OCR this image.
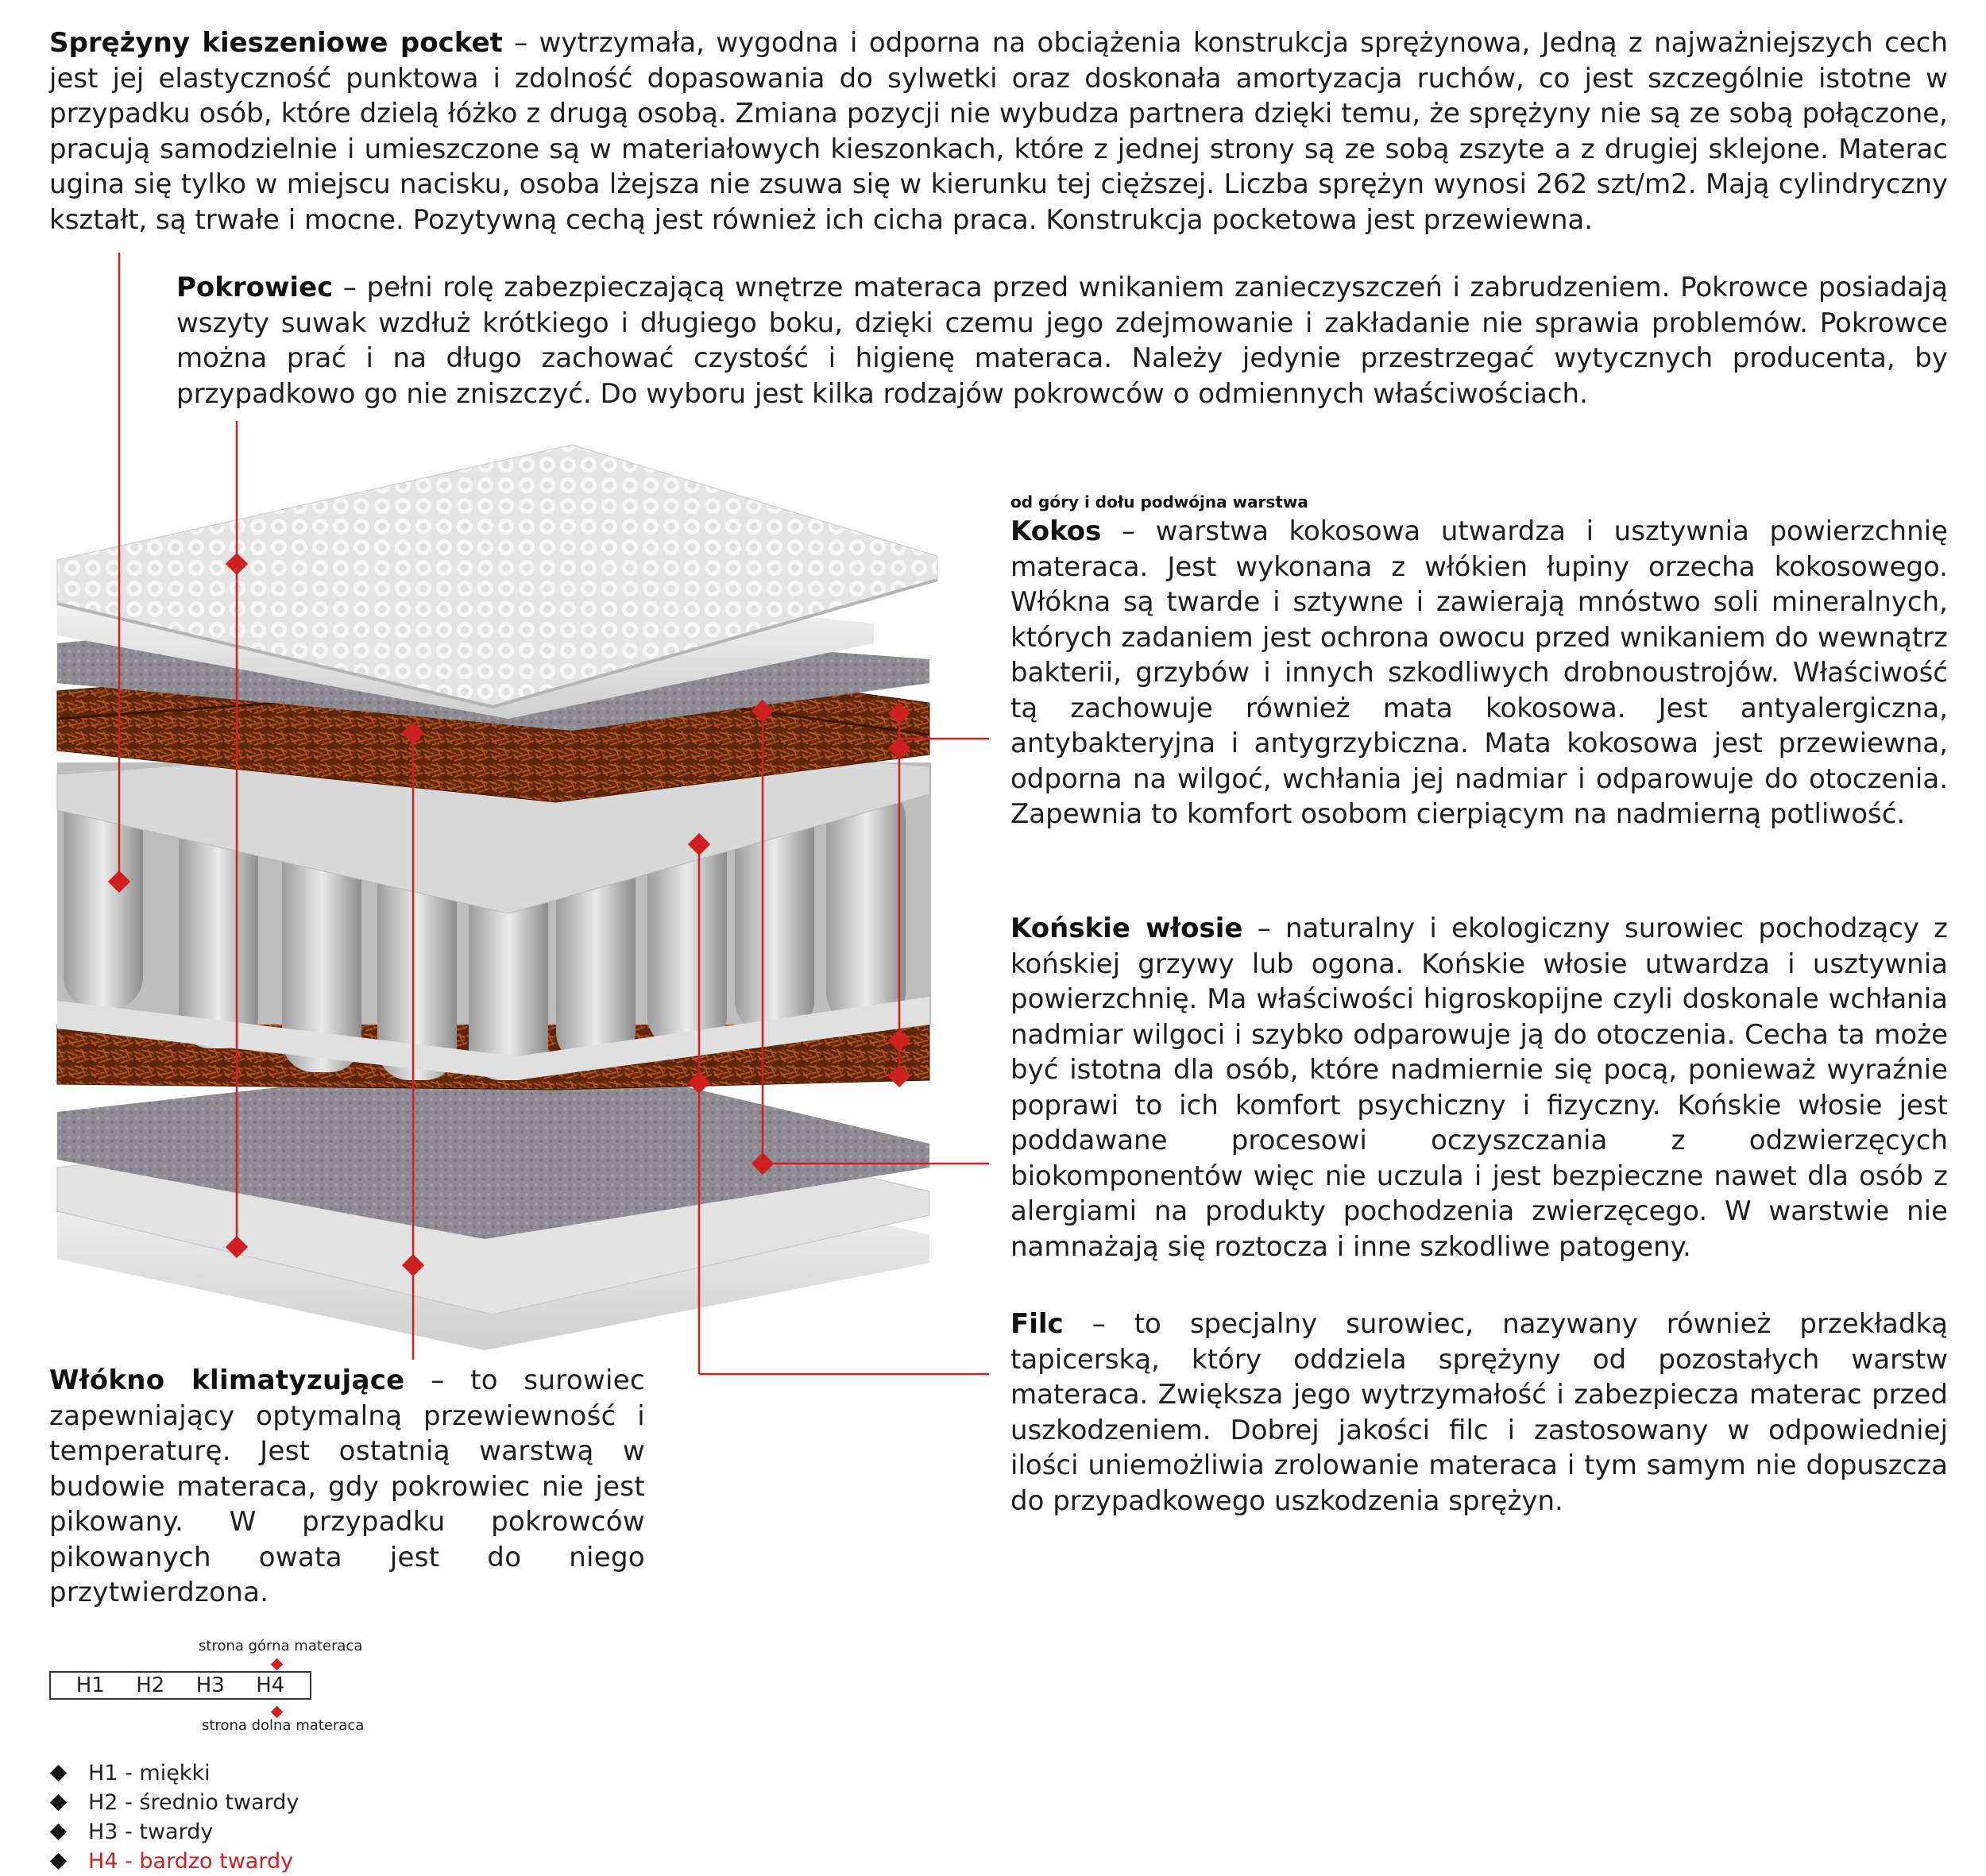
Sprężyny kieszeniowe pocket – wytrzymała, wygodna i odporna na obciążenia konstrukcja sprężynowa, Jedną z najważniejszych cech jest jej elastyczność punktowa i zdolność dopasowania do sylwetki oraz doskonała amortyzacja ruchów, co jest szczególnie istotne w przypadku osób, które dzielą łóżko z drugą osobą. Zmiana pozycji nie wybudza partnera dzięki temu, że sprężyny nie są ze sobą połączone, pracują samodzielnie i umieszczone są w materiałowych kieszonkach, które z jednej strony są ze sobą zszyte a z drugiej sklejone. Materac ugina się tylko w miejscu nacisku, osoba lżejsza nie zsuwa się w kierunku tej cięższej. Liczba sprężyn wynosi 262 szt/m2. Mają cylindryczny kształt, są trwałe i mocne. Pozytywną cechą jest również ich cicha praca. Konstrukcja pocketowa jest przewiewna.

Pokrowiec – pełni rolę zabezpieczającą wnętrze materaca przed wnikaniem zanieczyszczeń i zabrudzeniem. Pokrowce posiadają wszyty suwak wzdłuż krótkiego i długiego boku, dzięki czemu jego zdejmowanie i zakładanie nie sprawia problemów. Pokrowce można prać i na długo zachować czystość i higienę materaca. Należy jedynie przestrzegać wytycznych producenta, by przypadkowo go nie zniszczyć. Do wyboru jest kilka rodzajów pokrowców o odmiennych właściwościach.

od góry i dołu podwójna warstwa

Kokos – warstwa kokosowa utwardza i usztywnia powierzchnię materaca. Jest wykonana z włókien łupiny orzecha kokosowego. Włókna są twarde i sztywne i zawierają mnóstwo soli mineralnych, których zadaniem jest ochrona owocu przed wnikaniem do wewnątrz bakterii, grzybów i innych szkodliwych drobnoustrojów. Właściwość tą zachowuje również mata kokosowa. Jest antyalergiczna, antybakteryjna i antygrzybiczna. Mata kokosowa jest przewiewna, odporna na wilgoć, wchłania jej nadmiar i odparowuje do otoczenia. Zapewnia to komfort osobom cierpiącym na nadmierną potliwość.

Końskie włosie – naturalny i ekologiczny surowiec pochodzący z końskiej grzywy lub ogona. Końskie włosie utwardza i usztywnia powierzchnię. Ma właściwości higroskopijne czyli doskonale wchłania nadmiar wilgoci i szybko odparowuje ją do otoczenia. Cecha ta może być istotna dla osób, które nadmiernie się pocą, ponieważ wyraźnie poprawi to ich komfort psychiczny i fizyczny. Końskie włosie jest poddawane procesowi oczyszczania z odzwierzęcych biokomponentów więc nie uczula i jest bezpieczne nawet dla osób z alergiami na produkty pochodzenia zwierzęcego. W warstwie nie namnażają się roztocza i inne szkodliwe patogeny.

Filc – to specjalny surowiec, nazywany również przekładką tapicerską, który oddziela sprężyny od pozostałych warstw materaca. Zwiększa jego wytrzymałość i zabezpiecza materac przed uszkodzeniem. Dobrej jakości filc i zastosowany w odpowiedniej ilości uniemożliwia zrolowanie materaca i tym samym nie dopuszcza do przypadkowego uszkodzenia sprężyn.

Włókno klimatyzujące – to surowiec zapewniający optymalną przewiewność i temperaturę. Jest ostatnią warstwą w budowie materaca, gdy pokrowiec nie jest pikowany. W przypadku pokrowców pikowanych owata jest do niego przytwierdzona.

strona górna materaca

H1 H2 H3 H4

strona dolna materaca

H1 - miękki
H2 - średnio twardy
H3 - twardy
H4 - bardzo twardy
